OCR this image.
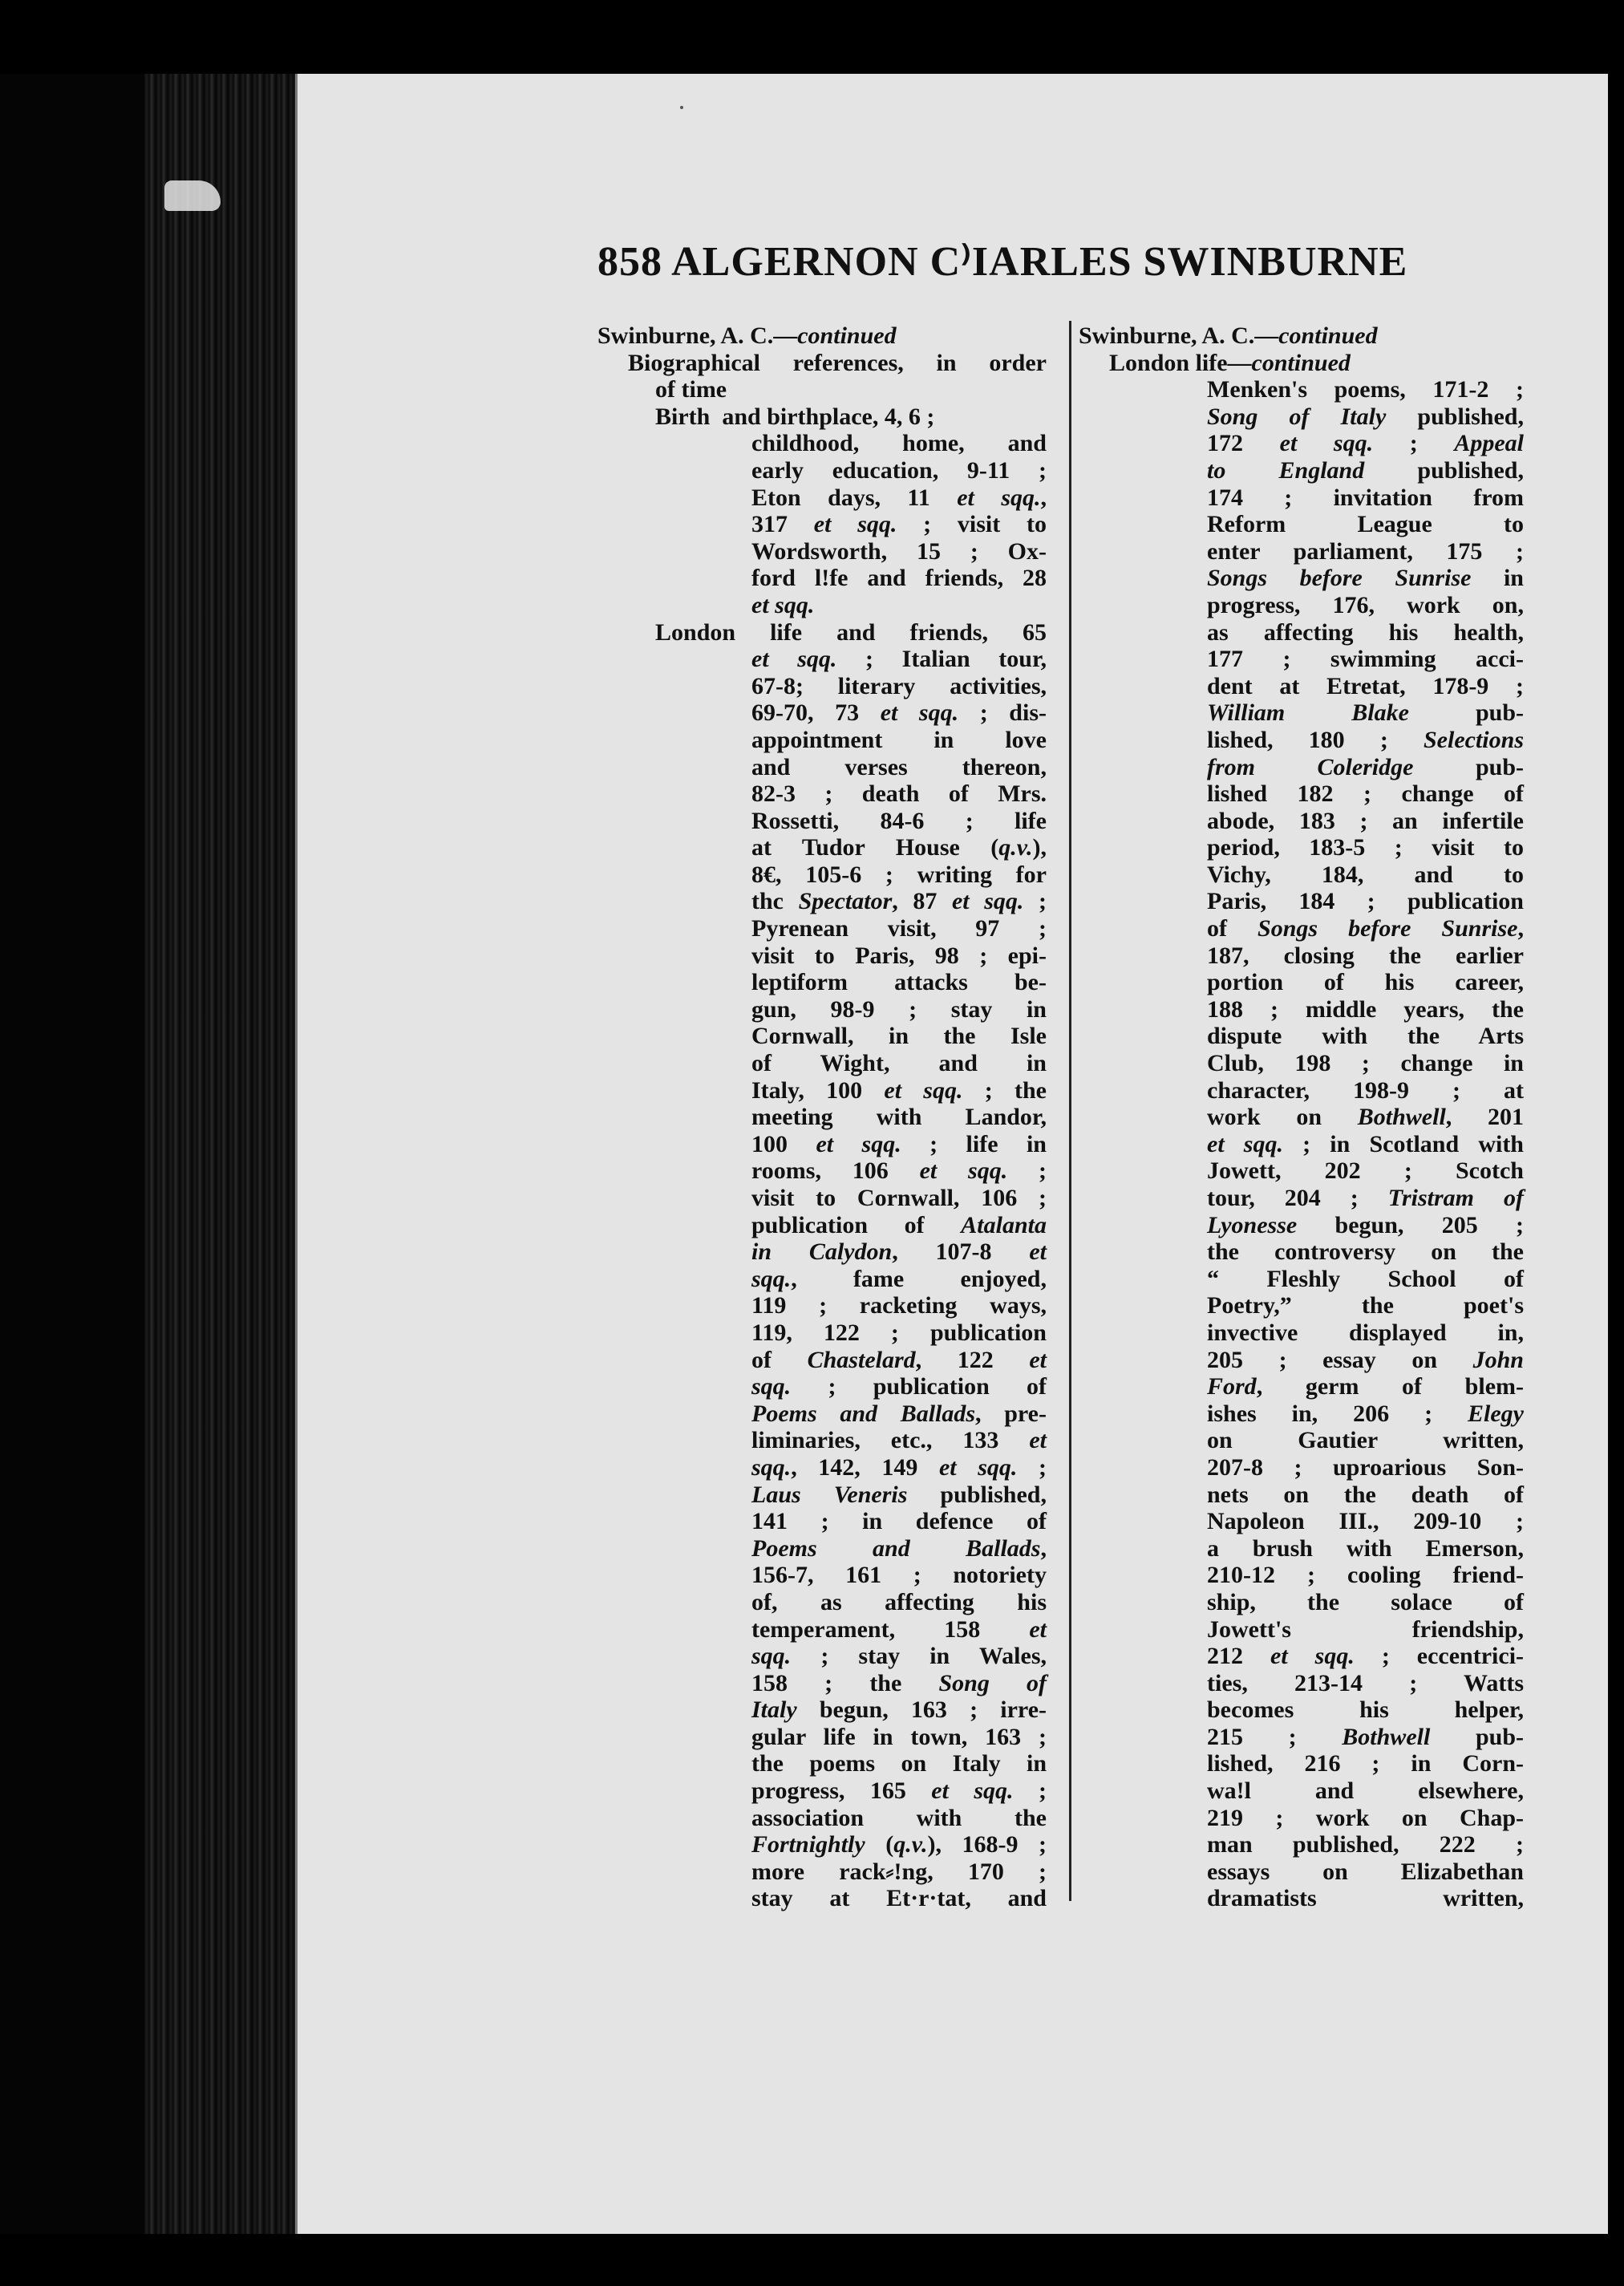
858 ALGERNON C⁾IARLES SWINBURNE
Swinburne, A. C.—continued
Biographical references, in order
of time
Birth  and birthplace, 4, 6 ;
childhood, home, and
early education, 9-11 ;
Eton days, 11 et sqq.,
317 et sqq. ; visit to
Wordsworth, 15 ; Ox-
ford l!fe and friends, 28
et sqq.
London life and friends, 65
et sqq. ; Italian tour,
67-8; literary activities,
69-70, 73 et sqq. ; dis-
appointment in love
and verses thereon,
82-3 ; death of Mrs.
Rossetti, 84-6 ; life
at Tudor House (q.v.),
8€, 105-6 ; writing for
thc Spectator, 87 et sqq. ;
Pyrenean visit, 97 ;
visit to Paris, 98 ; epi-
leptiform attacks be-
gun, 98-9 ; stay in
Cornwall, in the Isle
of Wight, and in
Italy, 100 et sqq. ; the
meeting with Landor,
100 et sqq. ; life in
rooms, 106 et sqq. ;
visit to Cornwall, 106 ;
publication of Atalanta
in Calydon, 107-8 et
sqq., fame enjoyed,
119 ; racketing ways,
119, 122 ; publication
of Chastelard, 122 et
sqq. ; publication of
Poems and Ballads, pre-
liminaries, etc., 133 et
sqq., 142, 149 et sqq. ;
Laus Veneris published,
141 ; in defence of
Poems and Ballads,
156-7, 161 ; notoriety
of, as affecting his
temperament, 158 et
sqq. ; stay in Wales,
158 ; the Song of
Italy begun, 163 ; irre-
gular life in town, 163 ;
the poems on Italy in
progress, 165 et sqq. ;
association with the
Fortnightly (q.v.), 168-9 ;
more rack⸗!ng, 170 ;
stay at Et·r·tat, and
Swinburne, A. C.—continued
London life—continued
Menken's poems, 171-2 ;
Song of Italy published,
172 et sqq. ; Appeal
to England published,
174 ; invitation from
Reform League to
enter parliament, 175 ;
Songs before Sunrise in
progress, 176, work on,
as affecting his health,
177 ; swimming acci-
dent at Etretat, 178-9 ;
William Blake pub-
lished, 180 ; Selections
from Coleridge pub-
lished 182 ; change of
abode, 183 ; an infertile
period, 183-5 ; visit to
Vichy, 184, and to
Paris, 184 ; publication
of Songs before Sunrise,
187, closing the earlier
portion of his career,
188 ; middle years, the
dispute with the Arts
Club, 198 ; change in
character, 198-9 ; at
work on Bothwell, 201
et sqq. ; in Scotland with
Jowett, 202 ; Scotch
tour, 204 ; Tristram of
Lyonesse begun, 205 ;
the controversy on the
“ Fleshly School of
Poetry,” the poet's
invective displayed in,
205 ; essay on John
Ford, germ of blem-
ishes in, 206 ; Elegy
on Gautier written,
207-8 ; uproarious Son-
nets on the death of
Napoleon III., 209-10 ;
a brush with Emerson,
210-12 ; cooling friend-
ship, the solace of
Jowett's friendship,
212 et sqq. ; eccentrici-
ties, 213-14 ; Watts
becomes his helper,
215 ; Bothwell pub-
lished, 216 ; in Corn-
wa!l and elsewhere,
219 ; work on Chap-
man published, 222 ;
essays on Elizabethan
dramatists written,
